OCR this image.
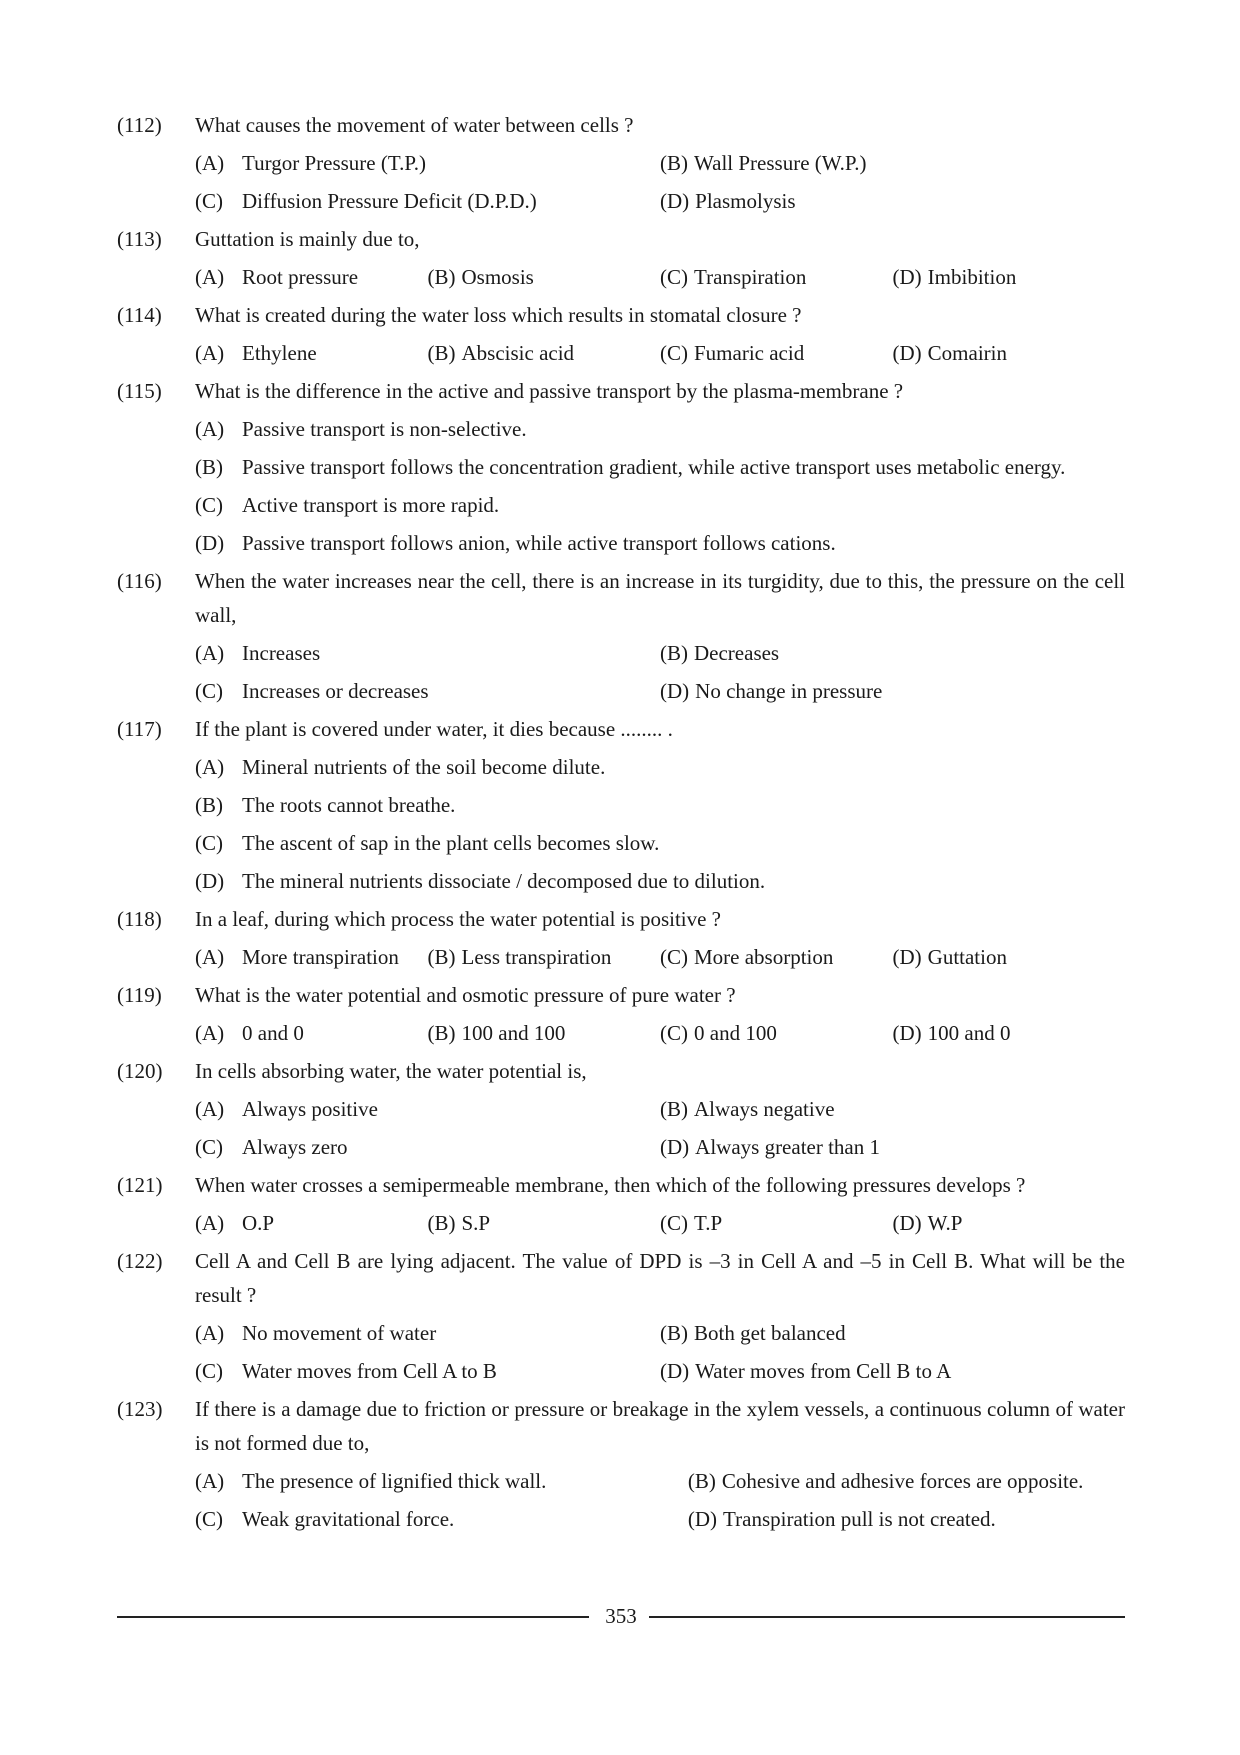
(112) What causes the movement of water between cells ?
(A) Turgor Pressure (T.P.)	(B) Wall Pressure (W.P.)
(C) Diffusion Pressure Deficit (D.P.D.)	(D) Plasmolysis
(113) Guttation is mainly due to,
(A) Root pressure	(B) Osmosis	(C) Transpiration	(D) Imbibition
(114) What is created during the water loss which results in stomatal closure ?
(A) Ethylene	(B) Abscisic acid	(C) Fumaric acid	(D) Comairin
(115) What is the difference in the active and passive transport by the plasma-membrane ?
(A) Passive transport is non-selective.
(B) Passive transport follows the concentration gradient, while active transport uses metabolic energy.
(C) Active transport is more rapid.
(D) Passive transport follows anion, while active transport follows cations.
(116) When the water increases near the cell, there is an increase in its turgidity, due to this, the pressure on the cell wall,
(A) Increases	(B) Decreases
(C) Increases or decreases	(D) No change in pressure
(117) If the plant is covered under water, it dies because ........ .
(A) Mineral nutrients of the soil become dilute.
(B) The roots cannot breathe.
(C) The ascent of sap in the plant cells becomes slow.
(D) The mineral nutrients dissociate / decomposed due to dilution.
(118) In a leaf, during which process the water potential is positive ?
(A) More transpiration	(B) Less transpiration	(C) More absorption	(D) Guttation
(119) What is the water potential and osmotic pressure of pure water ?
(A) 0 and 0	(B) 100 and 100	(C) 0 and 100	(D) 100 and 0
(120) In cells absorbing water, the water potential is,
(A) Always positive	(B) Always negative
(C) Always zero	(D) Always greater than 1
(121) When water crosses a semipermeable membrane, then which of the following pressures develops ?
(A) O.P	(B) S.P	(C) T.P	(D) W.P
(122) Cell A and Cell B are lying adjacent. The value of DPD is –3 in Cell A and –5 in Cell B. What will be the result ?
(A) No movement of water	(B) Both get balanced
(C) Water moves from Cell A to B	(D) Water moves from Cell B to A
(123) If there is a damage due to friction or pressure or breakage in the xylem vessels, a continuous column of water is not formed due to,
(A) The presence of lignified thick wall.	(B) Cohesive and adhesive forces are opposite.
(C) Weak gravitational force.	(D) Transpiration pull is not created.
353
